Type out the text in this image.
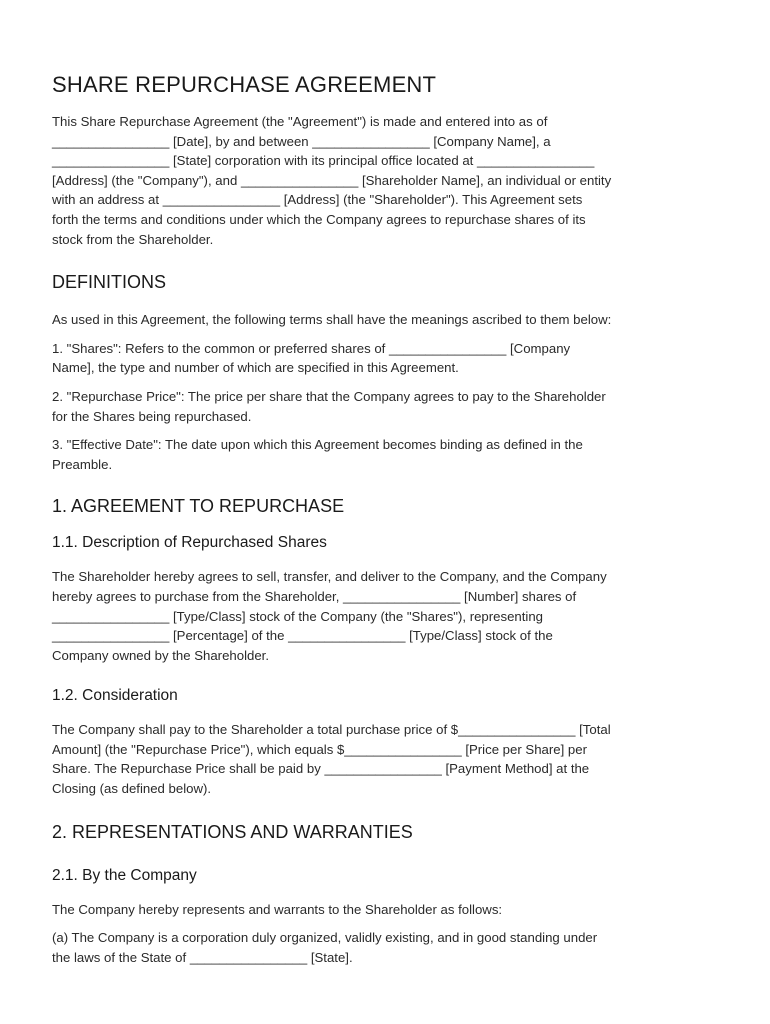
SHARE REPURCHASE AGREEMENT

This Share Repurchase Agreement (the "Agreement") is made and entered into as of
________________ [Date], by and between ________________ [Company Name], a
________________ [State] corporation with its principal office located at ________________
[Address] (the "Company"), and ________________ [Shareholder Name], an individual or entity
with an address at ________________ [Address] (the "Shareholder"). This Agreement sets
forth the terms and conditions under which the Company agrees to repurchase shares of its
stock from the Shareholder.

DEFINITIONS

As used in this Agreement, the following terms shall have the meanings ascribed to them below:

1. "Shares": Refers to the common or preferred shares of ________________ [Company
Name], the type and number of which are specified in this Agreement.

2. "Repurchase Price": The price per share that the Company agrees to pay to the Shareholder
for the Shares being repurchased.

3. "Effective Date": The date upon which this Agreement becomes binding as defined in the
Preamble.

1. AGREEMENT TO REPURCHASE
1.1. Description of Repurchased Shares

The Shareholder hereby agrees to sell, transfer, and deliver to the Company, and the Company
hereby agrees to purchase from the Shareholder, ________________ [Number] shares of
________________ [Type/Class] stock of the Company (the "Shares"), representing
________________ [Percentage] of the ________________ [Type/Class] stock of the
Company owned by the Shareholder.

1.2. Consideration

The Company shall pay to the Shareholder a total purchase price of $________________ [Total
Amount] (the "Repurchase Price"), which equals $________________ [Price per Share] per
Share. The Repurchase Price shall be paid by ________________ [Payment Method] at the
Closing (as defined below).

2. REPRESENTATIONS AND WARRANTIES
2.1. By the Company

The Company hereby represents and warrants to the Shareholder as follows:

(a) The Company is a corporation duly organized, validly existing, and in good standing under
the laws of the State of ________________ [State].
